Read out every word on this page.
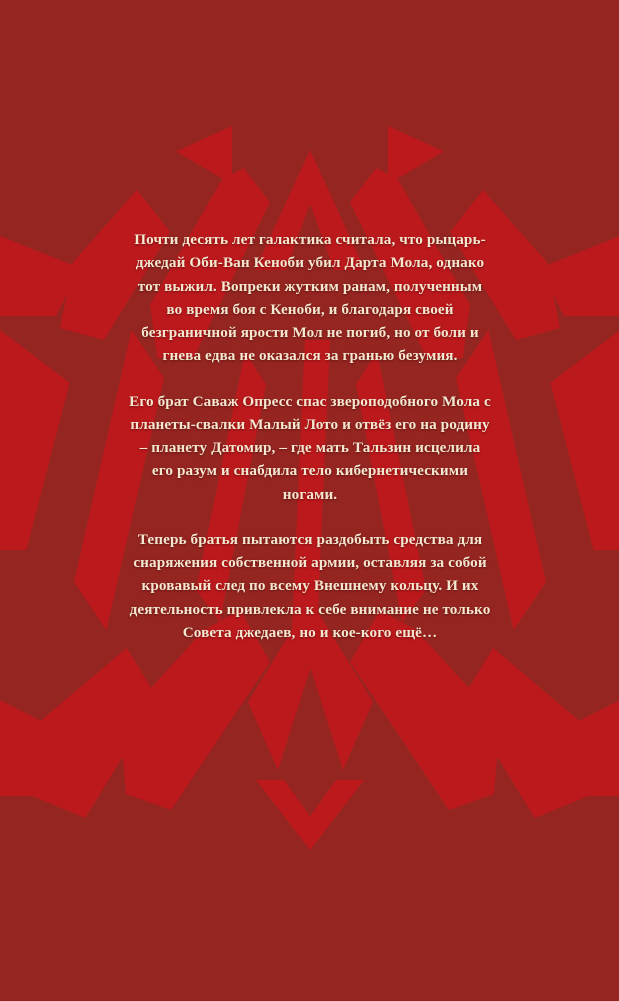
Почти десять лет галактика считала, что рыцарь-джедай Оби-Ван Кеноби убил Дарта Мола, однако тот выжил. Вопреки жутким ранам, полученным во время боя с Кеноби, и благодаря своей безграничной ярости Мол не погиб, но от боли и гнева едва не оказался за гранью безумия.

Его брат Саваж Опресс спас звероподобного Мола с планеты-свалки Малый Лото и отвёз его на родину – планету Датомир, – где мать Тальзин исцелила его разум и снабдила тело кибернетическими ногами.

Теперь братья пытаются раздобыть средства для снаряжения собственной армии, оставляя за собой кровавый след по всему Внешнему кольцу. И их деятельность привлекла к себе внимание не только Совета джедаев, но и кое-кого ещё…
